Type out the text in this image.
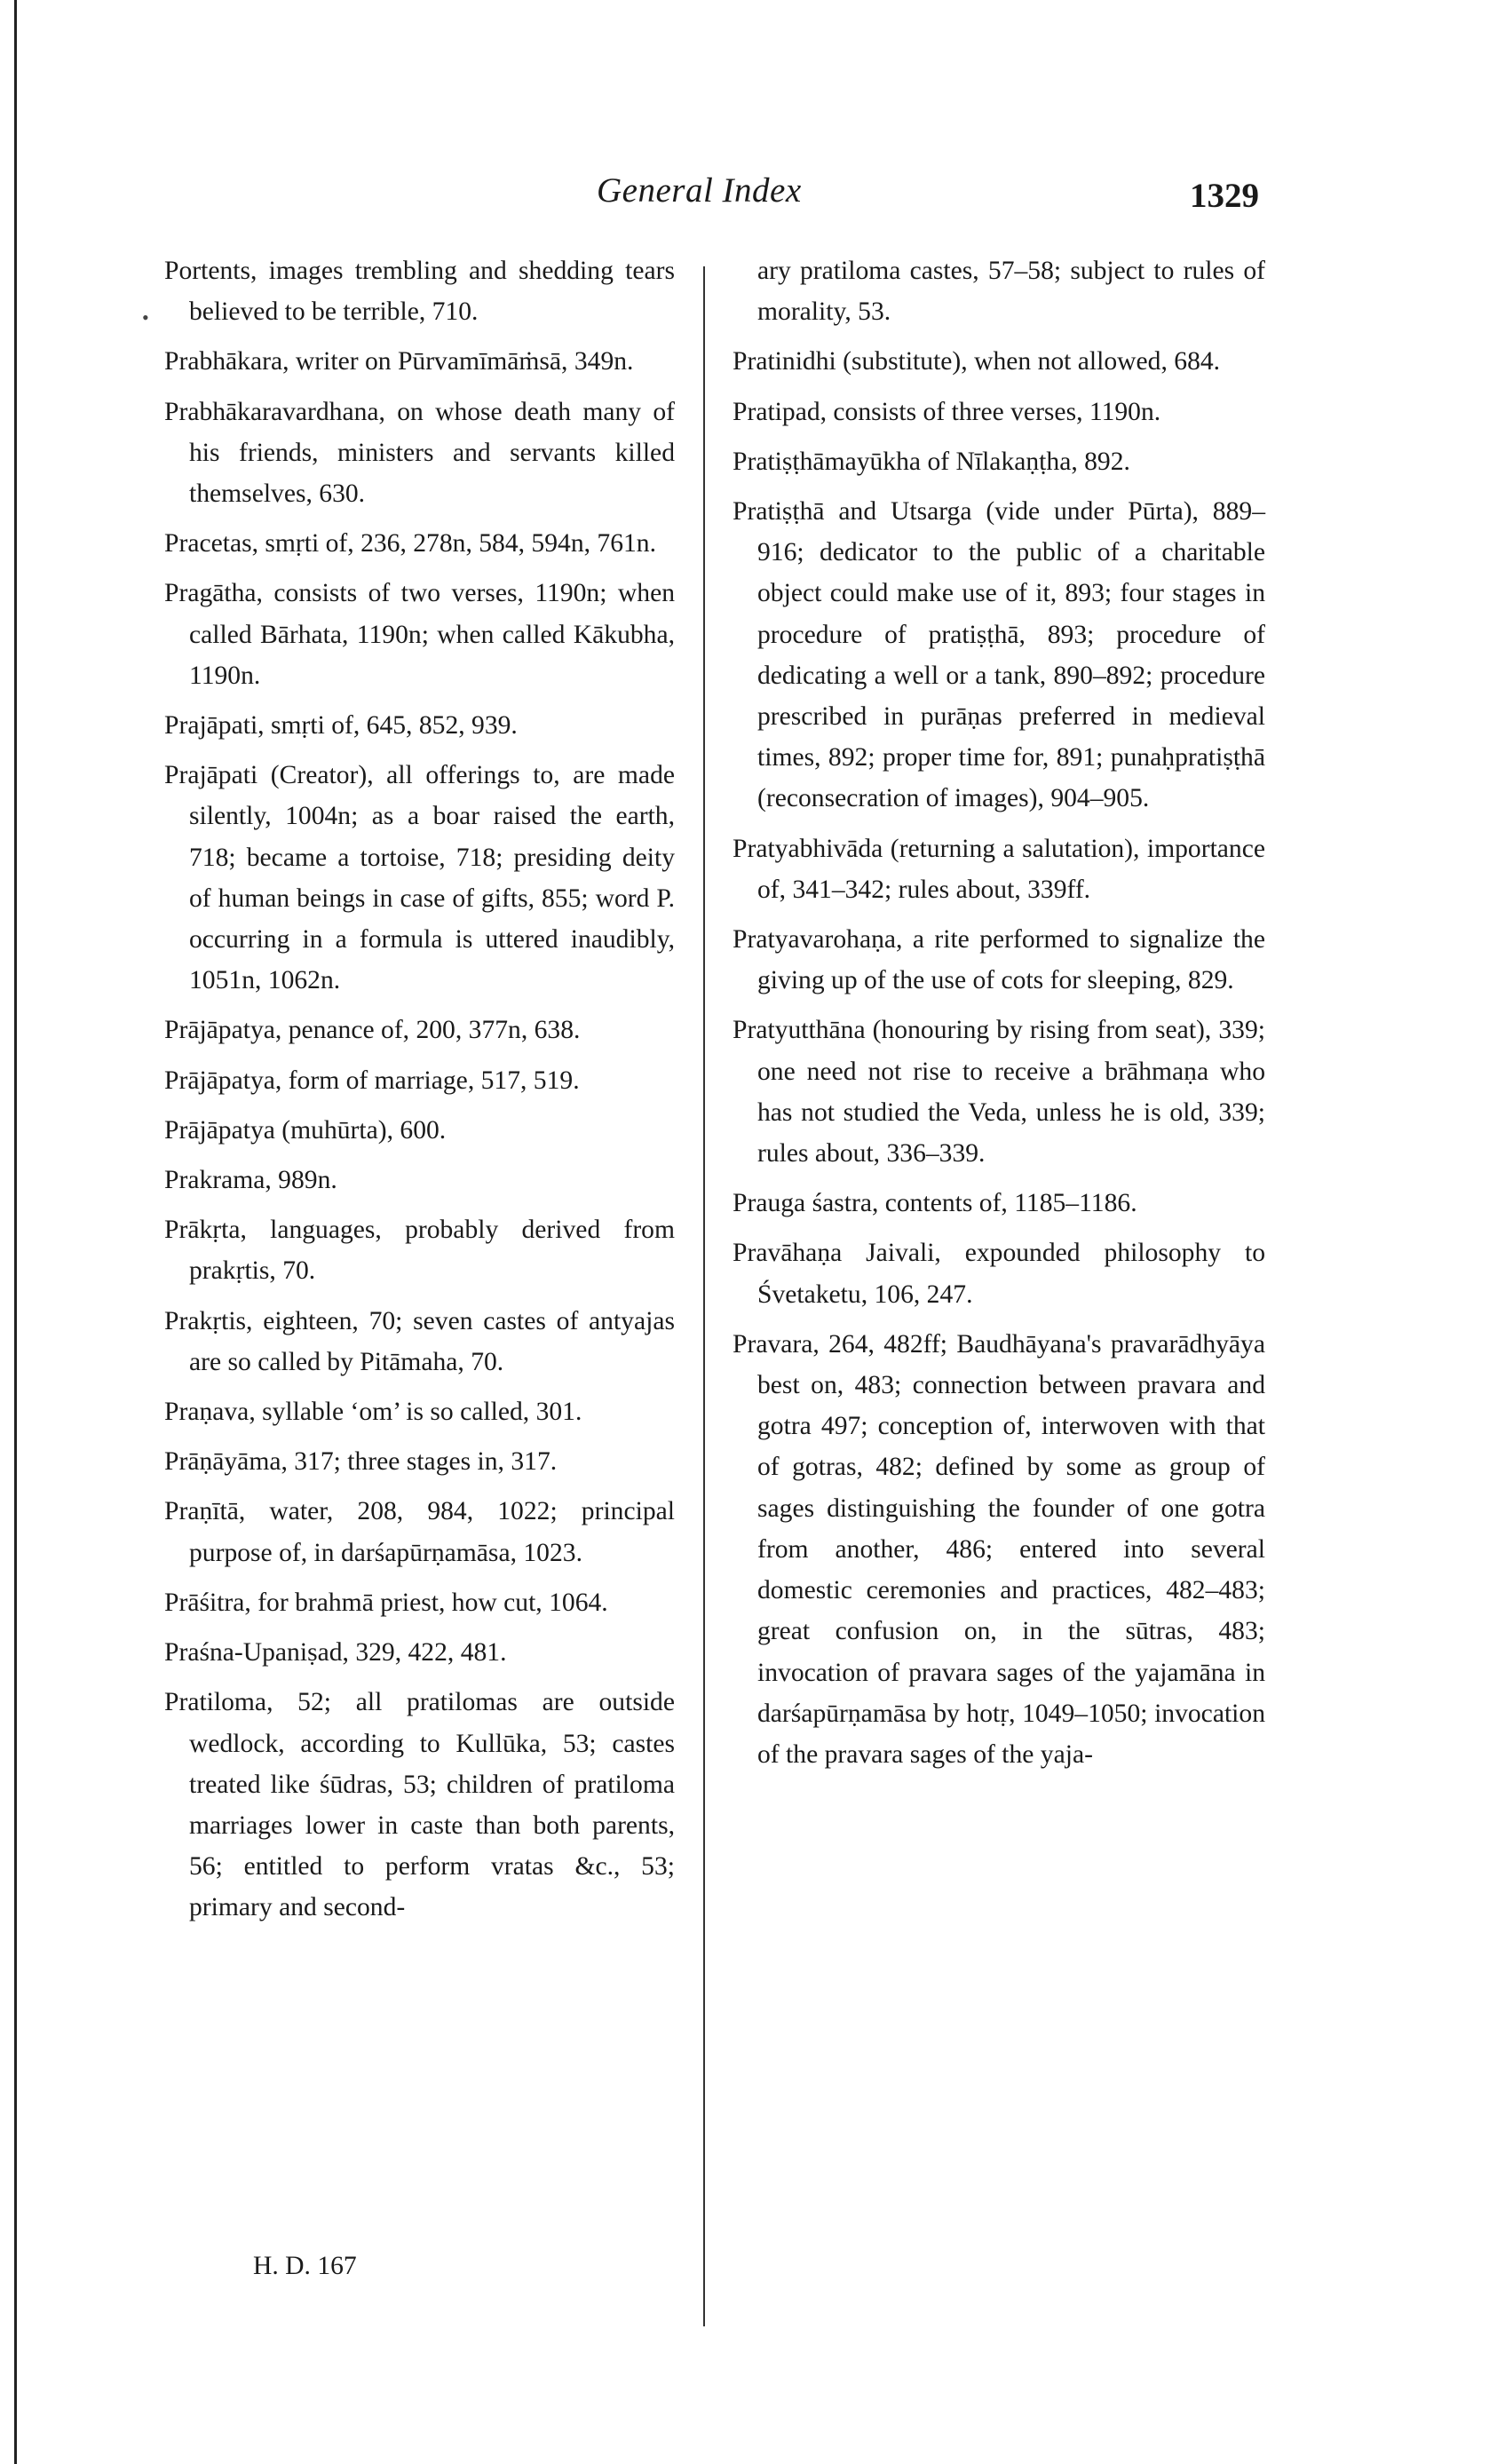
General Index	1329
•

Portents, images trembling and shedding tears believed to be terrible, 710.

Prabhākara, writer on Pūrvamīmāṁsā, 349n.

Prabhākaravardhana, on whose death many of his friends, ministers and servants killed themselves, 630.

Pracetas, smṛti of, 236, 278n, 584, 594n, 761n.

Pragātha, consists of two verses, 1190n; when called Bārhata, 1190n; when called Kākubha, 1190n.

Prajāpati, smṛti of, 645, 852, 939.

Prajāpati (Creator), all offerings to, are made silently, 1004n; as a boar raised the earth, 718; became a tortoise, 718; presiding deity of human beings in case of gifts, 855; word P. occurring in a formula is uttered inaudibly, 1051n, 1062n.

Prājāpatya, penance of, 200, 377n, 638.

Prājāpatya, form of marriage, 517, 519.

Prājāpatya (muhūrta), 600.

Prakrama, 989n.

Prākṛta, languages, probably derived from prakṛtis, 70.

Prakṛtis, eighteen, 70; seven castes of antyajas are so called by Pitāmaha, 70.

Praṇava, syllable ‘om’ is so called, 301.

Prāṇāyāma, 317; three stages in, 317.

Praṇītā, water, 208, 984, 1022; principal purpose of, in darśapūrṇamāsa, 1023.

Prāśitra, for brahmā priest, how cut, 1064.

Praśna-Upaniṣad, 329, 422, 481.

Pratiloma, 52; all pratilomas are outside wedlock, according to Kullūka, 53; castes treated like śūdras, 53; children of pratiloma marriages lower in caste than both parents, 56; entitled to perform vratas &c., 53; primary and second-

H. D. 167

ary pratiloma castes, 57–58; subject to rules of morality, 53.

Pratinidhi (substitute), when not allowed, 684.

Pratipad, consists of three verses, 1190n.

Pratiṣṭhāmayūkha of Nīlakaṇṭha, 892.

Pratiṣṭhā and Utsarga (vide under Pūrta), 889–916; dedicator to the public of a charitable object could make use of it, 893; four stages in procedure of pratiṣṭhā, 893; procedure of dedicating a well or a tank, 890–892; procedure prescribed in purāṇas preferred in medieval times, 892; proper time for, 891; punaḥpratiṣṭhā (reconsecration of images), 904–905.

Pratyabhivāda (returning a salutation), importance of, 341–342; rules about, 339ff.

Pratyavarohaṇa, a rite performed to signalize the giving up of the use of cots for sleeping, 829.

Pratyutthāna (honouring by rising from seat), 339; one need not rise to receive a brāhmaṇa who has not studied the Veda, unless he is old, 339; rules about, 336–339.

Prauga śastra, contents of, 1185–1186.

Pravāhaṇa Jaivali, expounded philosophy to Śvetaketu, 106, 247.

Pravara, 264, 482ff; Baudhāyana's pravarādhyāya best on, 483; connection between pravara and gotra 497; conception of, interwoven with that of gotras, 482; defined by some as group of sages distinguishing the founder of one gotra from another, 486; entered into several domestic ceremonies and practices, 482–483; great confusion on, in the sūtras, 483; invocation of pravara sages of the yajamāna in darśapūrṇamāsa by hotṛ, 1049–1050; invocation of the pravara sages of the yaja-
